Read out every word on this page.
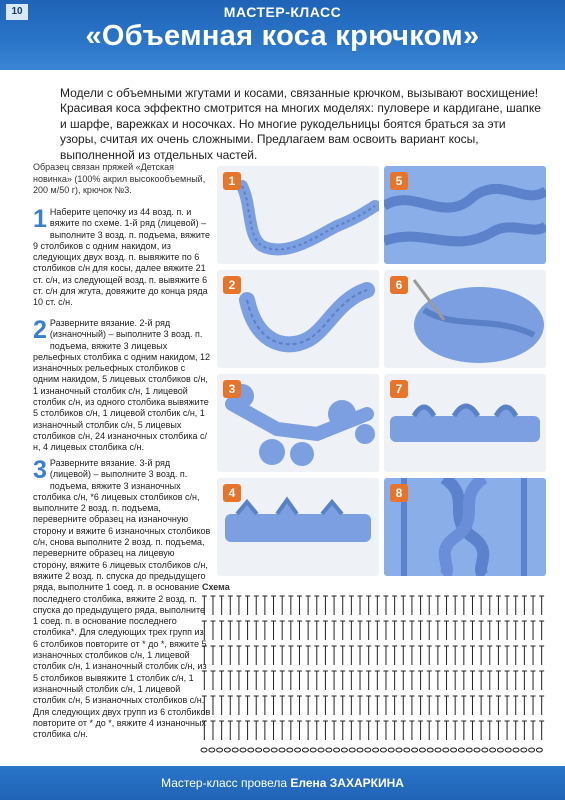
10	МАСТЕР-КЛАСС
«Объемная коса крючком»

Модели с объемными жгутами и косами, связанные крючком, вызывают восхищение!

Красивая коса эффектно смотрится на многих моделях: пуловере и кардигане, шапке и шарфе, варежках и носочках. Но многие рукодельницы боятся браться за эти узоры, считая их очень сложными. Предлагаем вам освоить вариант косы, выполненной из отдельных частей.

Образец связан пряжей «Детская новинка» (100% акрил высокообъемный, 200 м/50 г), крючок №3.
1 Наберите цепочку из 44 возд. п. и вяжите по схеме. 1-й ряд (лицевой) – выполните 3 возд. п. подъема, вяжите 9 столбиков с одним накидом, из следующих двух возд. п. вывяжите по 6 столбиков с/н для косы, далее вяжите 21 ст. с/н, из следующей возд. п. вывяжите 6 ст. с/н для жгута, довяжите до конца ряда 10 ст. с/н.
2 Разверните вязание. 2-й ряд (изнаночный) – выполните 3 возд. п. подъема, вяжите 3 лицевых рельефных столбика с одним накидом, 12 изнаночных рельефных столбиков с одним накидом, 5 лицевых столбиков с/н, 1 изнаночный столбик с/н, 1 лицевой столбик с/н, из одного столбика вывяжите 5 столбиков с/н, 1 лицевой столбик с/н, 1 изнаночный столбик с/н, 5 лицевых столбиков с/н, 24 изнаночных столбика с/н, 4 лицевых столбика с/н.
3 Разверните вязание. 3-й ряд (лицевой) – выполните 3 возд. п. подъема, вяжите 3 изнаночных столбика с/н, *6 лицевых столбиков с/н, выполните 2 возд. п. подъема, переверните образец на изнаночную сторону и вяжите 6 изнаночных столбиков с/н, снова выполните 2 возд. п. подъема, переверните образец на лицевую сторону, вяжите 6 лицевых столбиков с/н, вяжите 2 возд. п. спуска до предыдущего ряда, выполните 1 соед. п. в основание последнего столбика, вяжите 2 возд. п. спуска до предыдущего ряда, выполните 1 соед. п. в основание последнего столбика*. Для следующих трех групп из 6 столбиков повторите от * до *, вяжите 5 изнаночных столбиков с/н, 1 лицевой столбик с/н, 1 изнаночный столбик с/н, из 5 столбиков вывяжите 1 столбик с/н, 1 изнаночный столбик с/н, 1 лицевой столбик с/н, 5 изнаночных столбиков с/н. Для следующих двух групп из 6 столбиков повторите от * до *, вяжите 4 изнаночных столбика с/н.
1
2
3
4
5
6
7
8
Схема
Мастер-класс провела Елена ЗАХАРКИНА
